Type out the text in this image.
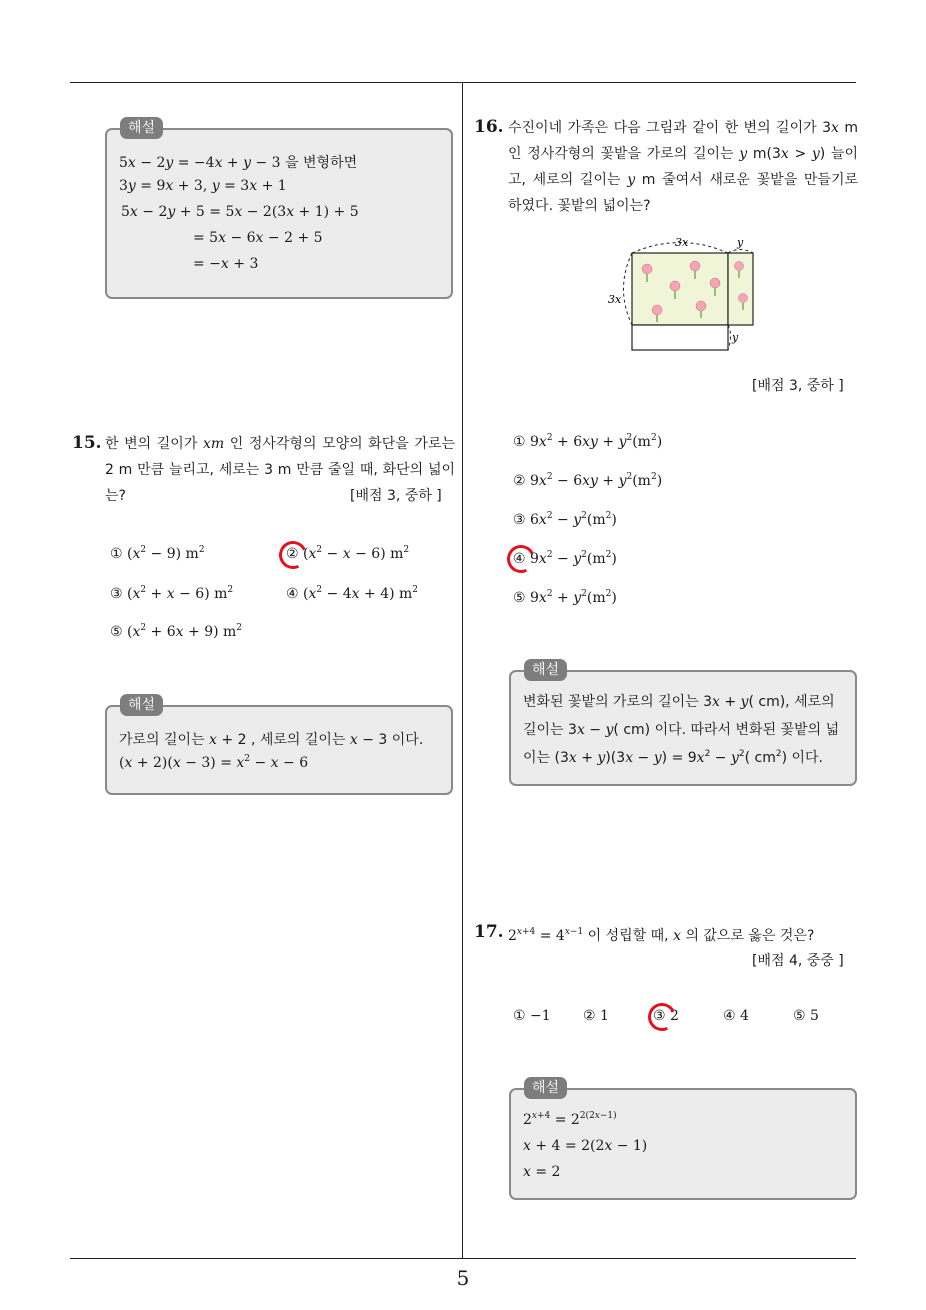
해설
5x − 2y = −4x + y − 3 을 변형하면
3y = 9x + 3, y = 3x + 1
5x − 2y + 5 = 5x − 2(3x + 1) + 5
= 5x − 6x − 2 + 5
= −x + 3
15. 한 변의 길이가 xm 인 정사각형의 모양의 화단을 가로는 2 m 만큼 늘리고, 세로는 3 m 만큼 줄일 때, 화단의 넓이는?	[배점 3, 중하 ]
① $(x^2 - 9)$ $m^2$	② $(x^2 - x - 6)$ $m^2$
③ $(x^2 + x - 6)$ $m^2$	④ $(x^2 - 4x + 4)$ $m^2$
⑤ $(x^2 + 6x + 9)$ $m^2$
해설
가로의 길이는 x + 2 , 세로의 길이는 x − 3 이다.
$(x + 2)(x - 3) = x^2 - x - 6$
16. 수진이네 가족은 다음 그림과 같이 한 변의 길이가 3x m 인 정사각형의 꽃밭을 가로의 길이는 y m(3x > y) 늘이고, 세로의 길이는 y m 줄여서 새로운 꽃밭을 만들기로 하였다. 꽃밭의 넓이는?
3x
3x
y
y
[배점 3, 중하 ]
① $9x^2 + 6xy + y^2(m^2)$
② $9x^2 - 6xy + y^2(m^2)$
③ $6x^2 - y^2(m^2)$
④ $9x^2 - y^2(m^2)$
⑤ $9x^2 + y^2(m^2)$
해설
변화된 꽃밭의 가로의 길이는 3x + y( cm), 세로의 길이는 3x − y( cm) 이다. 따라서 변화된 꽃밭의 넓이는 $(3x + y)(3x - y) = 9x^2 - y^2$( $cm^2$) 이다.
17. $2^{x+4} = 4^{x-1}$ 이 성립할 때, x 의 값으로 옳은 것은?
[배점 4, 중중 ]
① −1 ② 1	③ 2	④ 4	⑤ 5
해설
$2^{x+4} = 2^{2(2x-1)}$
x + 4 = 2(2x − 1)
x = 2
5
